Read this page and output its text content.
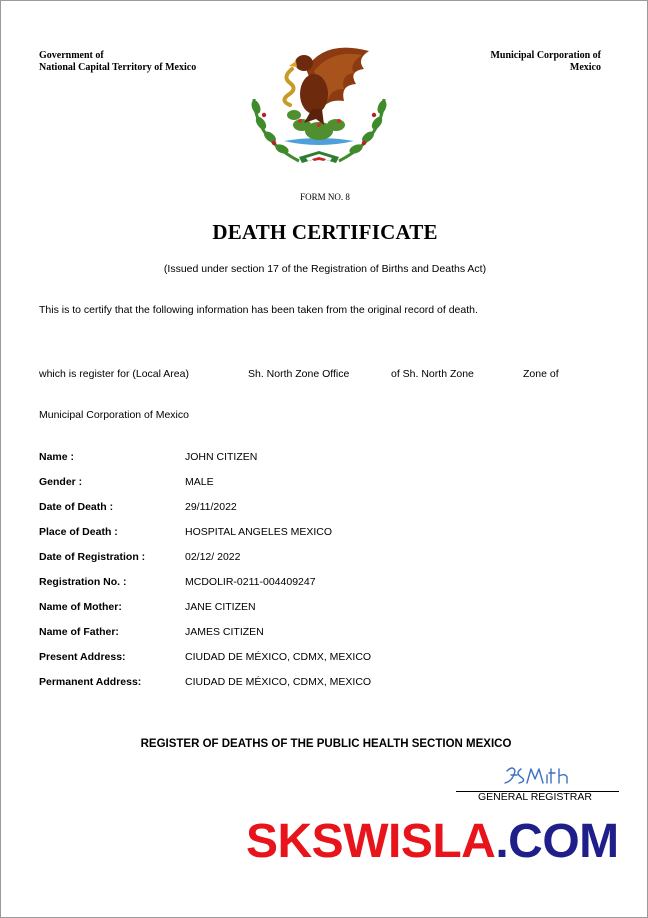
Government of
National Capital Territory of Mexico
Municipal Corporation of
Mexico
FORM NO. 8
DEATH CERTIFICATE
(Issued under section 17 of the Registration of Births and Deaths Act)
This is to certify that the following information has been taken from the original record of death.
which is register for (Local Area)	Sh. North Zone Office	of Sh. North Zone	Zone of
Municipal Corporation of Mexico
Name :	JOHN CITIZEN
Gender :	MALE
Date of Death :	29/11/2022
Place of Death :	HOSPITAL ANGELES MEXICO
Date of Registration :	02/12/ 2022
Registration No. :	MCDOLIR-0211-004409247
Name of Mother:	JANE CITIZEN
Name of Father:	JAMES CITIZEN
Present Address:	CIUDAD DE MÉXICO, CDMX, MEXICO
Permanent Address:	CIUDAD DE MÉXICO, CDMX, MEXICO
REGISTER OF DEATHS OF THE PUBLIC HEALTH SECTION MEXICO
GENERAL REGISTRAR
SKSWISLA.COM
